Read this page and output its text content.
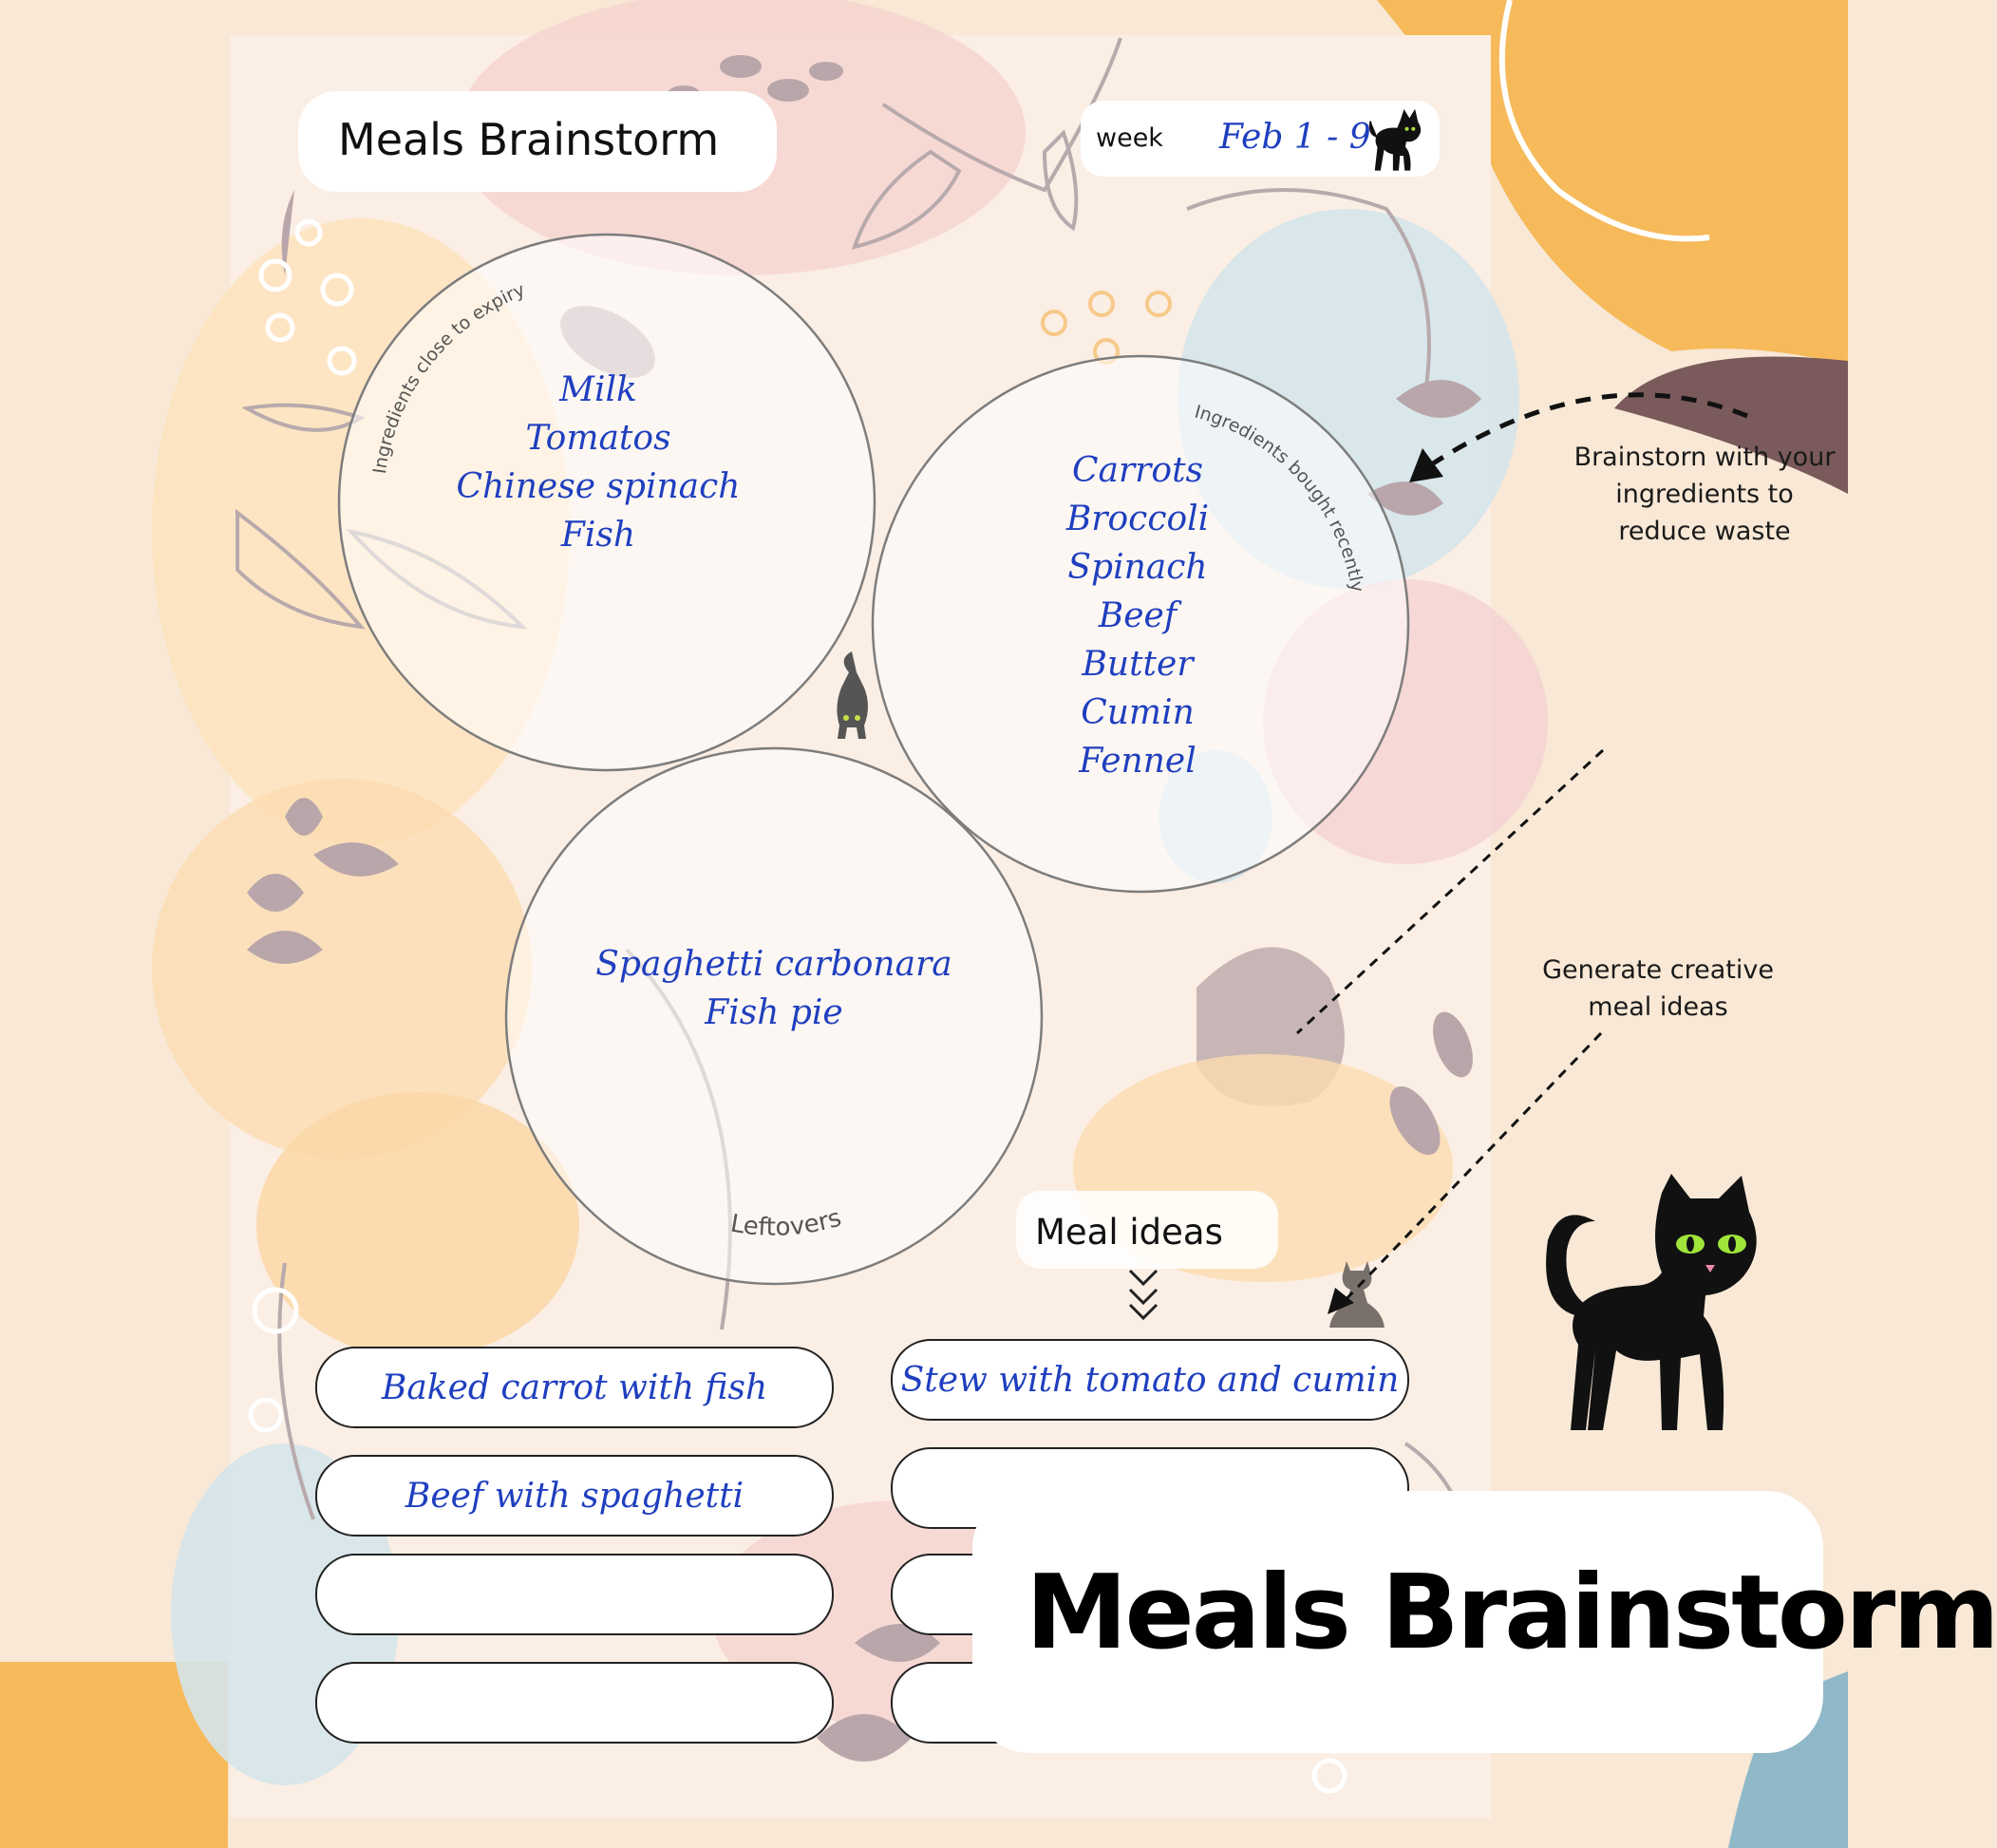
Meals Brainstorm	week Feb 1 - 9
Ingredients close to expiry
Milk
Tomatos
Chinese spinach
Fish
Ingredients bought recently
Carrots
Broccoli
Spinach
Beef
Butter
Cumin
Fennel
Leftovers
Spaghetti carbonara
Fish pie
Meal ideas
Baked carrot with fish
Beef with spaghetti
Stew with tomato and cumin
Brainstorn with your
ingredients to
reduce waste
Generate creative
meal ideas
Meals Brainstorm
